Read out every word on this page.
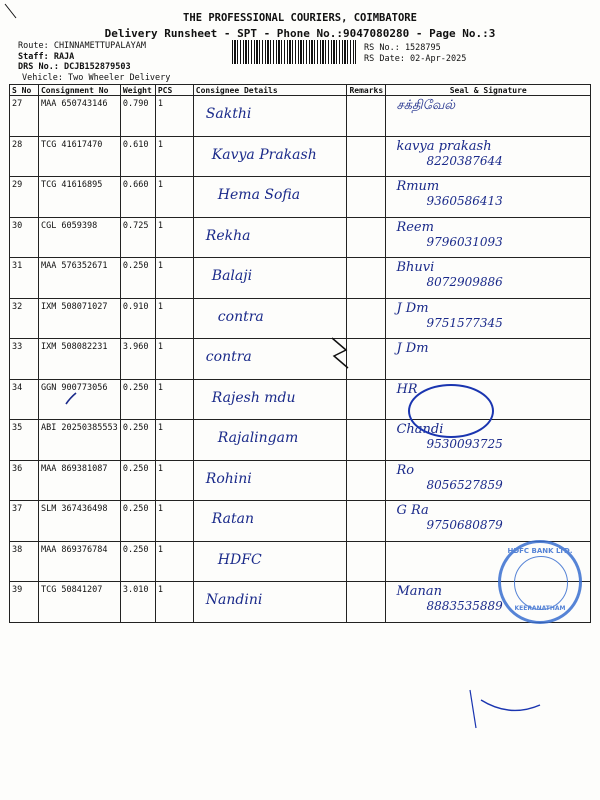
THE PROFESSIONAL COURIERS, COIMBATORE
Delivery Runsheet - SPT - Phone No.:9047080280 - Page No.:3
Route: CHINNAMETTUPALAYAM
Staff: RAJA
DRS No.: DCJB152879503
Vehicle: Two Wheeler Delivery
RS No.: 1528795
RS Date: 02-Apr-2025
S No	Consignment No	Weight	PCS	Consignee Details	Remarks	Seal & Signature
27	MAA 650743146	0.790	1	Sakthi		சக்திவேல்

28	TCG 41617470	0.610	1	Kavya Prakash		kavya prakash
8220387644

29	TCG 41616895	0.660	1	Hema Sofia		Rmum
9360586413

30	CGL 6059398	0.725	1	Rekha		Reem
9796031093

31	MAA 576352671	0.250	1	Balaji		Bhuvi
8072909886

32	IXM 508071027	0.910	1	contra		J Dm
9751577345

33	IXM 508082231	3.960	1	contra		J Dm

34	GGN 900773056	0.250	1	Rajesh mdu		HR

35	ABI 20250385553	0.250	1	Rajalingam		Chandi
9530093725

36	MAA 869381087	0.250	1	Rohini		Ro
8056527859

37	SLM 367436498	0.250	1	Ratan		G Ra
9750680879

38	MAA 869376784	0.250	1	HDFC		

39	TCG 50841207	3.010	1	Nandini		Manan
8883535889
HDFC BANK LTD.
KEERANATHAM
